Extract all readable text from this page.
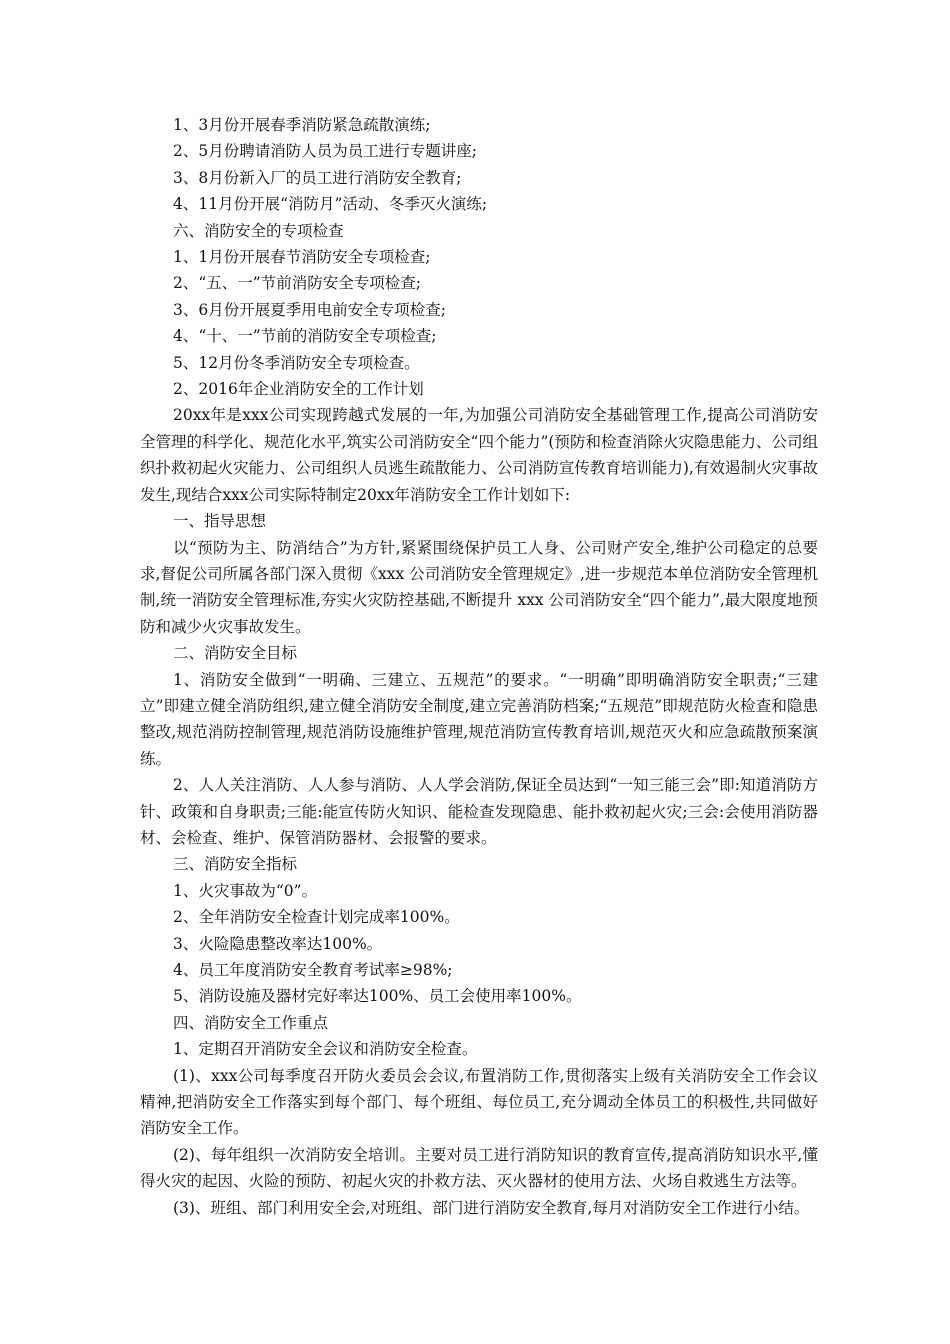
1、3月份开展春季消防紧急疏散演练;
2、5月份聘请消防人员为员工进行专题讲座;
3、8月份新入厂的员工进行消防安全教育;
4、11月份开展“消防月”活动、冬季灭火演练;
六、消防安全的专项检查
1、1月份开展春节消防安全专项检查;
2、“五、一”节前消防安全专项检查;
3、6月份开展夏季用电前安全专项检查;
4、“十、一”节前的消防安全专项检查;
5、12月份冬季消防安全专项检查。
2、2016年企业消防安全的工作计划

20xx年是xxx公司实现跨越式发展的一年,为加强公司消防安全基础管理工作,提高公司消防安全管理的科学化、规范化水平,筑实公司消防安全“四个能力”(预防和检查消除火灾隐患能力、公司组织扑救初起火灾能力、公司组织人员逃生疏散能力、公司消防宣传教育培训能力),有效遏制火灾事故发生,现结合xxx公司实际特制定20xx年消防安全工作计划如下:

一、指导思想

以“预防为主、防消结合”为方针,紧紧围绕保护员工人身、公司财产安全,维护公司稳定的总要求,督促公司所属各部门深入贯彻《xxx 公司消防安全管理规定》,进一步规范本单位消防安全管理机制,统一消防安全管理标准,夯实火灾防控基础,不断提升 xxx 公司消防安全“四个能力”,最大限度地预防和减少火灾事故发生。

二、消防安全目标

1、消防安全做到“一明确、三建立、五规范”的要求。“一明确”即明确消防安全职责;“三建立”即建立健全消防组织,建立健全消防安全制度,建立完善消防档案;“五规范”即规范防火检查和隐患整改,规范消防控制管理,规范消防设施维护管理,规范消防宣传教育培训,规范灭火和应急疏散预案演练。

2、人人关注消防、人人参与消防、人人学会消防,保证全员达到“一知三能三会”即:知道消防方针、政策和自身职责;三能:能宣传防火知识、能检查发现隐患、能扑救初起火灾;三会:会使用消防器材、会检查、维护、保管消防器材、会报警的要求。

三、消防安全指标
1、火灾事故为“0”。
2、全年消防安全检查计划完成率100%。
3、火险隐患整改率达100%。
4、员工年度消防安全教育考试率≥98%;
5、消防设施及器材完好率达100%、员工会使用率100%。
四、消防安全工作重点
1、定期召开消防安全会议和消防安全检查。

(1)、xxx公司每季度召开防火委员会会议,布置消防工作,贯彻落实上级有关消防安全工作会议精神,把消防安全工作落实到每个部门、每个班组、每位员工,充分调动全体员工的积极性,共同做好消防安全工作。

(2)、每年组织一次消防安全培训。主要对员工进行消防知识的教育宣传,提高消防知识水平,懂得火灾的起因、火险的预防、初起火灾的扑救方法、灭火器材的使用方法、火场自救逃生方法等。

(3)、班组、部门利用安全会,对班组、部门进行消防安全教育,每月对消防安全工作进行小结。
